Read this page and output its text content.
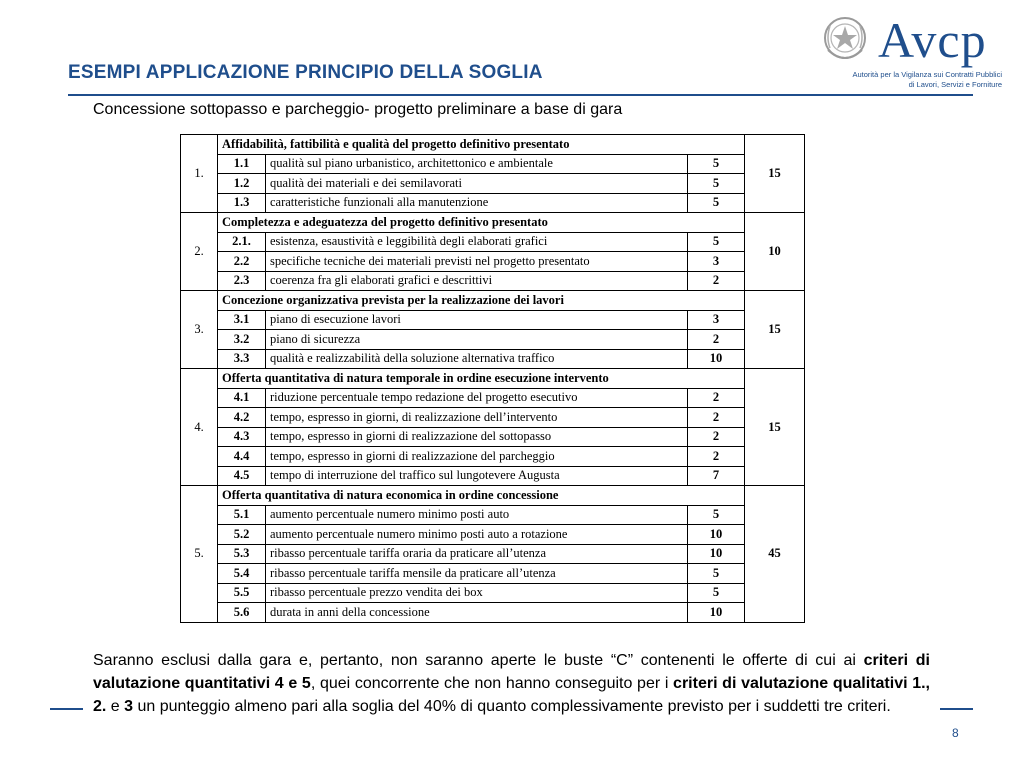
ESEMPI APPLICAZIONE PRINCIPIO DELLA SOGLIA
Concessione sottopasso e parcheggio- progetto preliminare a base di gara
Avcp
Autorità per la Vigilanza sui Contratti Pubblici
di Lavori, Servizi e Forniture
1.	Affidabilità, fattibilità e qualità del progetto definitivo presentato			15
	1.1	qualità sul piano urbanistico, architettonico e ambientale	5	
	1.2	qualità dei materiali e dei semilavorati	5	
	1.3	caratteristiche funzionali alla manutenzione	5	
2.	Completezza e adeguatezza del progetto definitivo presentato			10
	2.1.	esistenza, esaustività e leggibilità degli elaborati grafici	5	
	2.2	specifiche tecniche dei materiali previsti nel progetto presentato	3	
	2.3	coerenza fra gli elaborati grafici e descrittivi	2	
3.	Concezione organizzativa prevista per la realizzazione dei lavori			15
	3.1	piano di esecuzione lavori	3	
	3.2	piano di sicurezza	2	
	3.3	qualità e realizzabilità della soluzione alternativa traffico	10	
4.	Offerta quantitativa di natura temporale in ordine esecuzione intervento			15
	4.1	riduzione percentuale tempo redazione del progetto esecutivo	2	
	4.2	tempo, espresso in giorni, di realizzazione dell’intervento	2	
	4.3	tempo, espresso in giorni di realizzazione del sottopasso	2	
	4.4	tempo, espresso in giorni di realizzazione del parcheggio	2	
	4.5	tempo di interruzione del traffico sul lungotevere Augusta	7	
5.	Offerta quantitativa di natura economica in ordine concessione			45
	5.1	aumento percentuale numero minimo posti auto	5	
	5.2	aumento percentuale numero minimo posti auto a rotazione	10	
	5.3	ribasso percentuale tariffa oraria da praticare all’utenza	10	
	5.4	ribasso percentuale tariffa mensile da praticare all’utenza	5	
	5.5	ribasso percentuale prezzo vendita dei box	5	
	5.6	durata in anni della concessione	10	

Saranno esclusi dalla gara e, pertanto, non saranno aperte le buste “C” contenenti le offerte di cui ai criteri di valutazione quantitativi 4 e 5, quei concorrente che non hanno conseguito per i criteri di valutazione qualitativi 1., 2. e 3 un punteggio almeno pari alla soglia del 40% di quanto complessivamente previsto per i suddetti tre criteri.

8
